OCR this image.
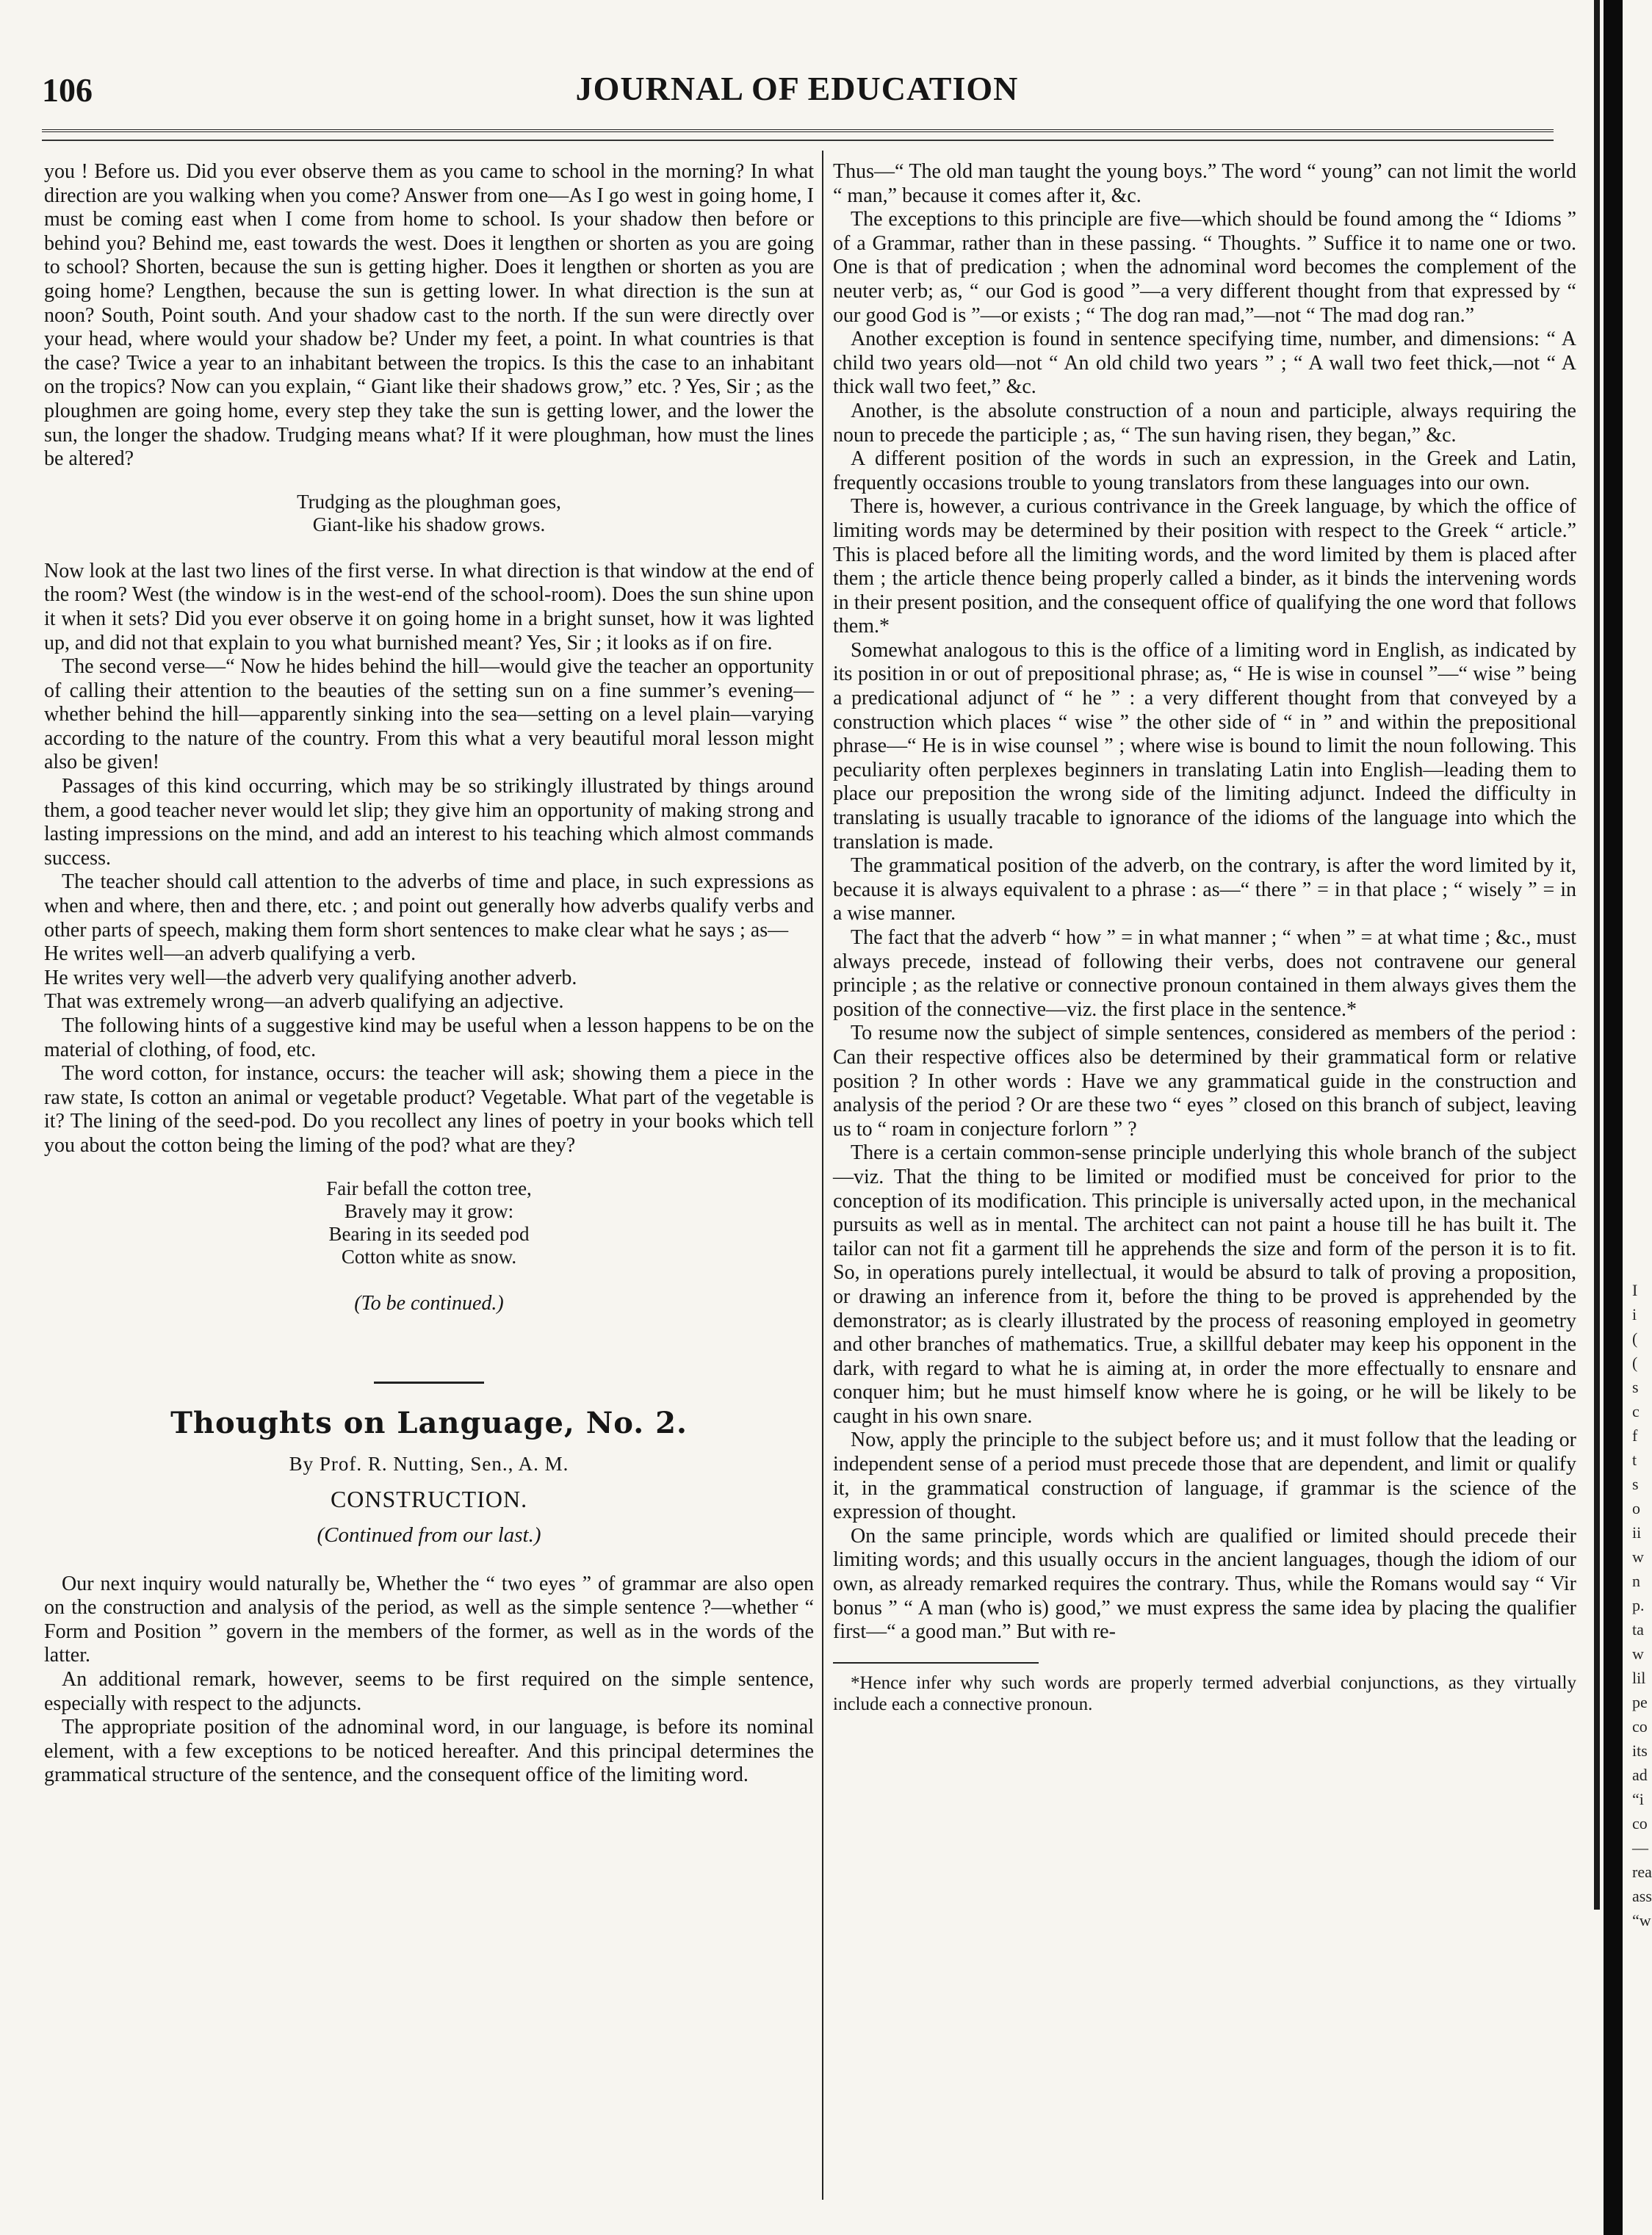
106	JOURNAL OF EDUCATION

you ! Before us. Did you ever observe them as you came to school in the morning? In what direction are you walking when you come? Answer from one—As I go west in going home, I must be coming east when I come from home to school. Is your shadow then before or behind you? Behind me, east towards the west. Does it lengthen or shorten as you are going to school? Shorten, because the sun is getting higher. Does it lengthen or shorten as you are going home? Lengthen, because the sun is getting lower. In what direction is the sun at noon? South, Point south. And your shadow cast to the north. If the sun were directly over your head, where would your shadow be? Under my feet, a point. In what countries is that the case? Twice a year to an inhabitant between the tropics. Is this the case to an inhabitant on the tropics? Now can you explain, “ Giant like their shadows grow,” etc. ? Yes, Sir ; as the ploughmen are going home, every step they take the sun is getting lower, and the lower the sun, the longer the shadow. Trudging means what? If it were ploughman, how must the lines be altered?

Trudging as the ploughman goes,
Giant-like his shadow grows.

Now look at the last two lines of the first verse. In what direction is that window at the end of the room? West (the window is in the west-end of the school-room). Does the sun shine upon it when it sets? Did you ever observe it on going home in a bright sunset, how it was lighted up, and did not that explain to you what burnished meant? Yes, Sir ; it looks as if on fire.

The second verse—“ Now he hides behind the hill—would give the teacher an opportunity of calling their attention to the beauties of the setting sun on a fine summer’s evening—whether behind the hill—apparently sinking into the sea—setting on a level plain—varying according to the nature of the country. From this what a very beautiful moral lesson might also be given!

Passages of this kind occurring, which may be so strikingly illustrated by things around them, a good teacher never would let slip; they give him an opportunity of making strong and lasting impressions on the mind, and add an interest to his teaching which almost commands success.

The teacher should call attention to the adverbs of time and place, in such expressions as when and where, then and there, etc. ; and point out generally how adverbs qualify verbs and other parts of speech, making them form short sentences to make clear what he says ; as—

He writes well—an adverb qualifying a verb.

He writes very well—the adverb very qualifying another adverb.

That was extremely wrong—an adverb qualifying an adjective.

The following hints of a suggestive kind may be useful when a lesson happens to be on the material of clothing, of food, etc.

The word cotton, for instance, occurs: the teacher will ask; showing them a piece in the raw state, Is cotton an animal or vegetable product? Vegetable. What part of the vegetable is it? The lining of the seed-pod. Do you recollect any lines of poetry in your books which tell you about the cotton being the liming of the pod? what are they?

Fair befall the cotton tree,
Bravely may it grow:
Bearing in its seeded pod
Cotton white as snow.
(To be continued.)
Thoughts on Language, No. 2.
By Prof. R. Nutting, Sen., A. M.
CONSTRUCTION.
(Continued from our last.)

Our next inquiry would naturally be, Whether the “ two eyes ” of grammar are also open on the construction and analysis of the period, as well as the simple sentence ?—whether “ Form and Position ” govern in the members of the former, as well as in the words of the latter.

An additional remark, however, seems to be first required on the simple sentence, especially with respect to the adjuncts.

The appropriate position of the adnominal word, in our language, is before its nominal element, with a few exceptions to be noticed hereafter. And this principal determines the grammatical structure of the sentence, and the consequent office of the limiting word.

Thus—“ The old man taught the young boys.” The word “ young” can not limit the world “ man,” because it comes after it, &c.

The exceptions to this principle are five—which should be found among the “ Idioms ” of a Grammar, rather than in these passing. “ Thoughts. ” Suffice it to name one or two. One is that of predication ; when the adnominal word becomes the complement of the neuter verb; as, “ our God is good ”—a very different thought from that expressed by “ our good God is ”—or exists ; “ The dog ran mad,”—not “ The mad dog ran.”

Another exception is found in sentence specifying time, number, and dimensions: “ A child two years old—not “ An old child two years ” ; “ A wall two feet thick,—not “ A thick wall two feet,” &c.

Another, is the absolute construction of a noun and participle, always requiring the noun to precede the participle ; as, “ The sun having risen, they began,” &c.

A different position of the words in such an expression, in the Greek and Latin, frequently occasions trouble to young translators from these languages into our own.

There is, however, a curious contrivance in the Greek language, by which the office of limiting words may be determined by their position with respect to the Greek “ article.” This is placed before all the limiting words, and the word limited by them is placed after them ; the article thence being properly called a binder, as it binds the intervening words in their present position, and the consequent office of qualifying the one word that follows them.*

Somewhat analogous to this is the office of a limiting word in English, as indicated by its position in or out of prepositional phrase; as, “ He is wise in counsel ”—“ wise ” being a predicational adjunct of “ he ” : a very different thought from that conveyed by a construction which places “ wise ” the other side of “ in ” and within the prepositional phrase—“ He is in wise counsel ” ; where wise is bound to limit the noun following. This peculiarity often perplexes beginners in translating Latin into English—leading them to place our preposition the wrong side of the limiting adjunct. Indeed the difficulty in translating is usually tracable to ignorance of the idioms of the language into which the translation is made.

The grammatical position of the adverb, on the contrary, is after the word limited by it, because it is always equivalent to a phrase : as—“ there ” = in that place ; “ wisely ” = in a wise manner.

The fact that the adverb “ how ” = in what manner ; “ when ” = at what time ; &c., must always precede, instead of following their verbs, does not contravene our general principle ; as the relative or connective pronoun contained in them always gives them the position of the connective—viz. the first place in the sentence.*

To resume now the subject of simple sentences, considered as members of the period : Can their respective offices also be determined by their grammatical form or relative position ? In other words : Have we any grammatical guide in the construction and analysis of the period ? Or are these two “ eyes ” closed on this branch of subject, leaving us to “ roam in conjecture forlorn ” ?

There is a certain common-sense principle underlying this whole branch of the subject—viz. That the thing to be limited or modified must be conceived for prior to the conception of its modification. This principle is universally acted upon, in the mechanical pursuits as well as in mental. The architect can not paint a house till he has built it. The tailor can not fit a garment till he apprehends the size and form of the person it is to fit. So, in operations purely intellectual, it would be absurd to talk of proving a proposition, or drawing an inference from it, before the thing to be proved is apprehended by the demonstrator; as is clearly illustrated by the process of reasoning employed in geometry and other branches of mathematics. True, a skillful debater may keep his opponent in the dark, with regard to what he is aiming at, in order the more effectually to ensnare and conquer him; but he must himself know where he is going, or he will be likely to be caught in his own snare.

Now, apply the principle to the subject before us; and it must follow that the leading or independent sense of a period must precede those that are dependent, and limit or qualify it, in the grammatical construction of language, if grammar is the science of the expression of thought.

On the same principle, words which are qualified or limited should precede their limiting words; and this usually occurs in the ancient languages, though the idiom of our own, as already remarked requires the contrary. Thus, while the Romans would say “ Vir bonus ” “ A man (who is) good,” we must express the same idea by placing the qualifier first—“ a good man.” But with re-

*Hence infer why such words are properly termed adverbial conjunctions, as they virtually include each a connective pronoun.

I
i
(
(
s
c
f
t
s
o
ii
w
n
p.
ta
w
lil
pe
co
its
ad
“i
co
—
rea
ass
“w
